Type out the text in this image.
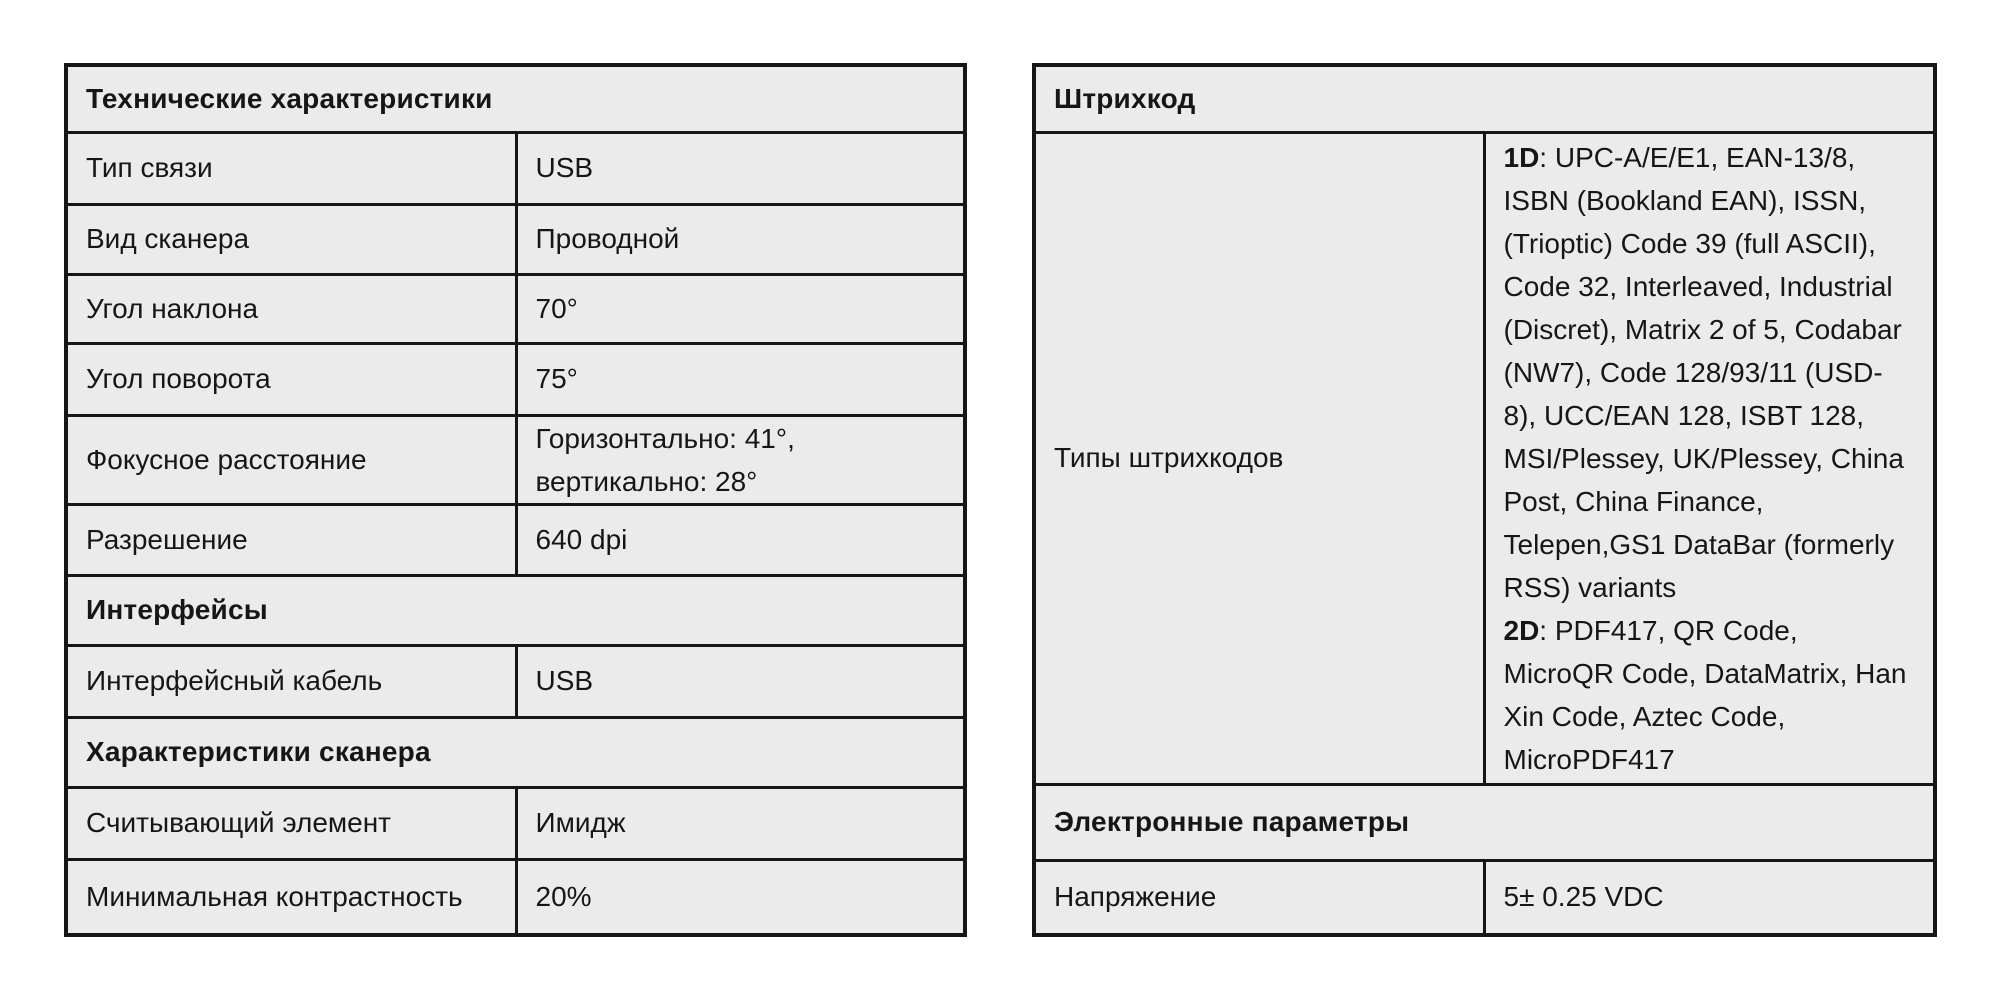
Технические характеристики	
Тип связи	USB
Вид сканера	Проводной
Угол наклона	70°
Угол поворота	75°
Фокусное расстояние	Горизонтально: 41°, вертикально: 28°

Разрешение	640 dpi
Интерфейсы	
Интерфейсный кабель	USB
Характеристики сканера	
Считывающий элемент	Имидж
Минимальная контрастность	20%
Штрихкод	
Типы штрихкодов	1D: UPC-A/E/E1, EAN-13/8, ISBN (Bookland EAN), ISSN, (Trioptic) Code 39 (full ASCII), Code 32, Interleaved, Industrial (Discret), Matrix 2 of 5, Codabar (NW7), Code 128/93/11 (USD-8), UCC/EAN 128, ISBT 128, MSI/Plessey, UK/Plessey, China Post, China Finance, Telepen,GS1 DataBar (formerly RSS) variants
2D: PDF417, QR Code, MicroQR Code, DataMatrix, Han Xin Code, Aztec Code, MicroPDF417

Электронные параметры	
Напряжение	5± 0.25 VDC
